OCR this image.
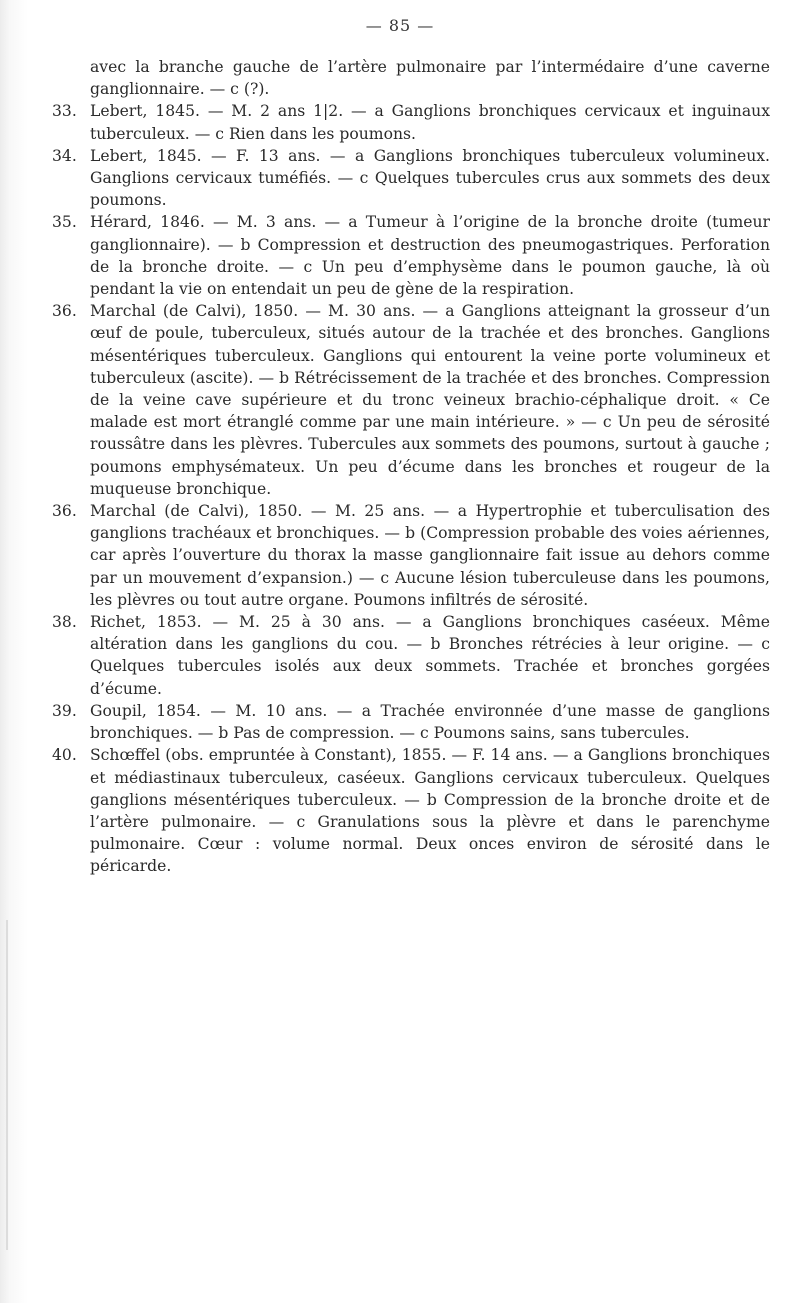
— 85 —

avec la branche gauche de l’artère pulmonaire par l’intermédaire d’une caverne ganglionnaire. — c (?).

33. Lebert, 1845. — M. 2 ans 1|2. — a Ganglions bronchiques cervicaux et inguinaux tuberculeux. — c Rien dans les poumons.
34. Lebert, 1845. — F. 13 ans. — a Ganglions bronchiques tuberculeux volumineux. Ganglions cervicaux tuméfiés. — c Quelques tubercules crus aux sommets des deux poumons.
35. Hérard, 1846. — M. 3 ans. — a Tumeur à l’origine de la bronche droite (tumeur ganglionnaire). — b Compression et destruction des pneumogastriques. Perforation de la bronche droite. — c Un peu d’emphysème dans le poumon gauche, là où pendant la vie on entendait un peu de gène de la respiration.
36. Marchal (de Calvi), 1850. — M. 30 ans. — a Ganglions atteignant la grosseur d’un œuf de poule, tuberculeux, situés autour de la trachée et des bronches. Ganglions mésentériques tuberculeux. Ganglions qui entourent la veine porte volumineux et tuberculeux (ascite). — b Rétrécissement de la trachée et des bronches. Compression de la veine cave supérieure et du tronc veineux brachio-céphalique droit. « Ce malade est mort étranglé comme par une main intérieure. » — c Un peu de sérosité roussâtre dans les plèvres. Tubercules aux sommets des poumons, surtout à gauche ; poumons emphysémateux. Un peu d’écume dans les bronches et rougeur de la muqueuse bronchique.
36. Marchal (de Calvi), 1850. — M. 25 ans. — a Hypertrophie et tuberculisation des ganglions trachéaux et bronchiques. — b (Compression probable des voies aériennes, car après l’ouverture du thorax la masse ganglionnaire fait issue au dehors comme par un mouvement d’expansion.) — c Aucune lésion tuberculeuse dans les poumons, les plèvres ou tout autre organe. Poumons infiltrés de sérosité.
38. Richet, 1853. — M. 25 à 30 ans. — a Ganglions bronchiques caséeux. Même altération dans les ganglions du cou. — b Bronches rétrécies à leur origine. — c Quelques tubercules isolés aux deux sommets. Trachée et bronches gorgées d’écume.
39. Goupil, 1854. — M. 10 ans. — a Trachée environnée d’une masse de ganglions bronchiques. — b Pas de compression. — c Poumons sains, sans tubercules.
40. Schœffel (obs. empruntée à Constant), 1855. — F. 14 ans. — a Ganglions bronchiques et médiastinaux tuberculeux, caséeux. Ganglions cervicaux tuberculeux. Quelques ganglions mésentériques tuberculeux. — b Compression de la bronche droite et de l’artère pulmonaire. — c Granulations sous la plèvre et dans le parenchyme pulmonaire. Cœur : volume normal. Deux onces environ de sérosité dans le péricarde.
